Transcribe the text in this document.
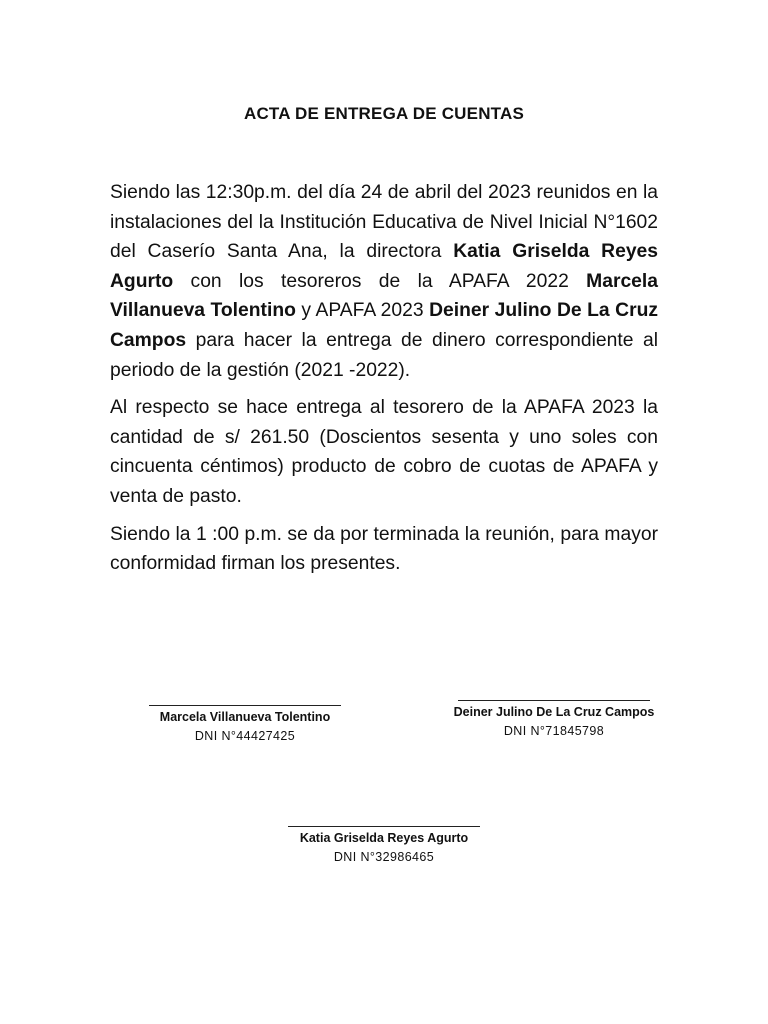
ACTA DE ENTREGA DE CUENTAS

Siendo las 12:30p.m. del día 24 de abril del 2023 reunidos en la instalaciones del la Institución Educativa de Nivel Inicial N°1602 del Caserío Santa Ana, la directora Katia Griselda Reyes Agurto con los tesoreros de la APAFA 2022 Marcela Villanueva Tolentino y APAFA 2023 Deiner Julino De La Cruz Campos para hacer la entrega de dinero correspondiente al periodo de la gestión (2021 -2022).

Al respecto se hace entrega al tesorero de la APAFA 2023 la cantidad de s/ 261.50 (Doscientos sesenta y uno soles con cincuenta céntimos) producto de cobro de cuotas de APAFA y venta de pasto.

Siendo la 1 :00 p.m. se da por terminada la reunión, para mayor conformidad firman los presentes.

Marcela Villanueva Tolentino
DNI N°44427425
Deiner Julino De La Cruz Campos
DNI N°71845798
Katia Griselda Reyes Agurto
DNI N°32986465
